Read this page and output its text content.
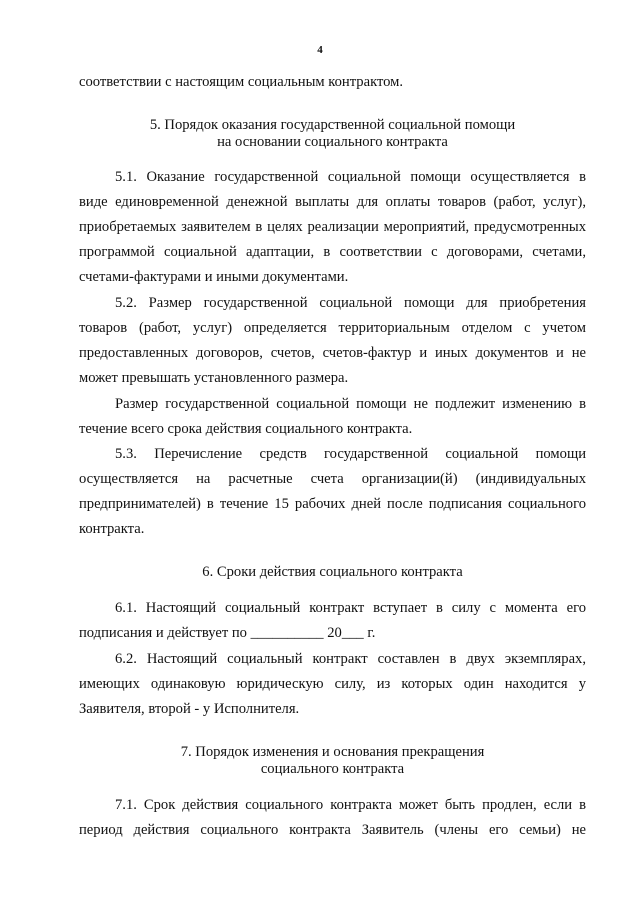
4
соответствии с настоящим социальным контрактом.
5. Порядок оказания государственной социальной помощи
на основании социального контракта
5.1. Оказание государственной социальной помощи осуществляется в
виде единовременной денежной выплаты для оплаты товаров (работ, услуг),
приобретаемых заявителем в целях реализации мероприятий, предусмотренных
программой социальной адаптации, в соответствии с договорами, счетами,
счетами-фактурами и иными документами.
5.2. Размер государственной социальной помощи для приобретения
товаров (работ, услуг) определяется территориальным отделом с учетом
предоставленных договоров, счетов, счетов-фактур и иных документов и не
может превышать установленного размера.
Размер государственной социальной помощи не подлежит изменению в
течение всего срока действия социального контракта.
5.3. Перечисление средств государственной социальной помощи
осуществляется на расчетные счета организации(й) (индивидуальных
предпринимателей) в течение 15 рабочих дней после подписания социального
контракта.
6. Сроки действия социального контракта
6.1. Настоящий социальный контракт вступает в силу с момента его
подписания и действует по __________ 20___ г.
6.2. Настоящий социальный контракт составлен в двух экземплярах,
имеющих одинаковую юридическую силу, из которых один находится у
Заявителя, второй - у Исполнителя.
7. Порядок изменения и основания прекращения
социального контракта
7.1. Срок действия социального контракта может быть продлен, если в
период действия социального контракта Заявитель (члены его семьи) не
